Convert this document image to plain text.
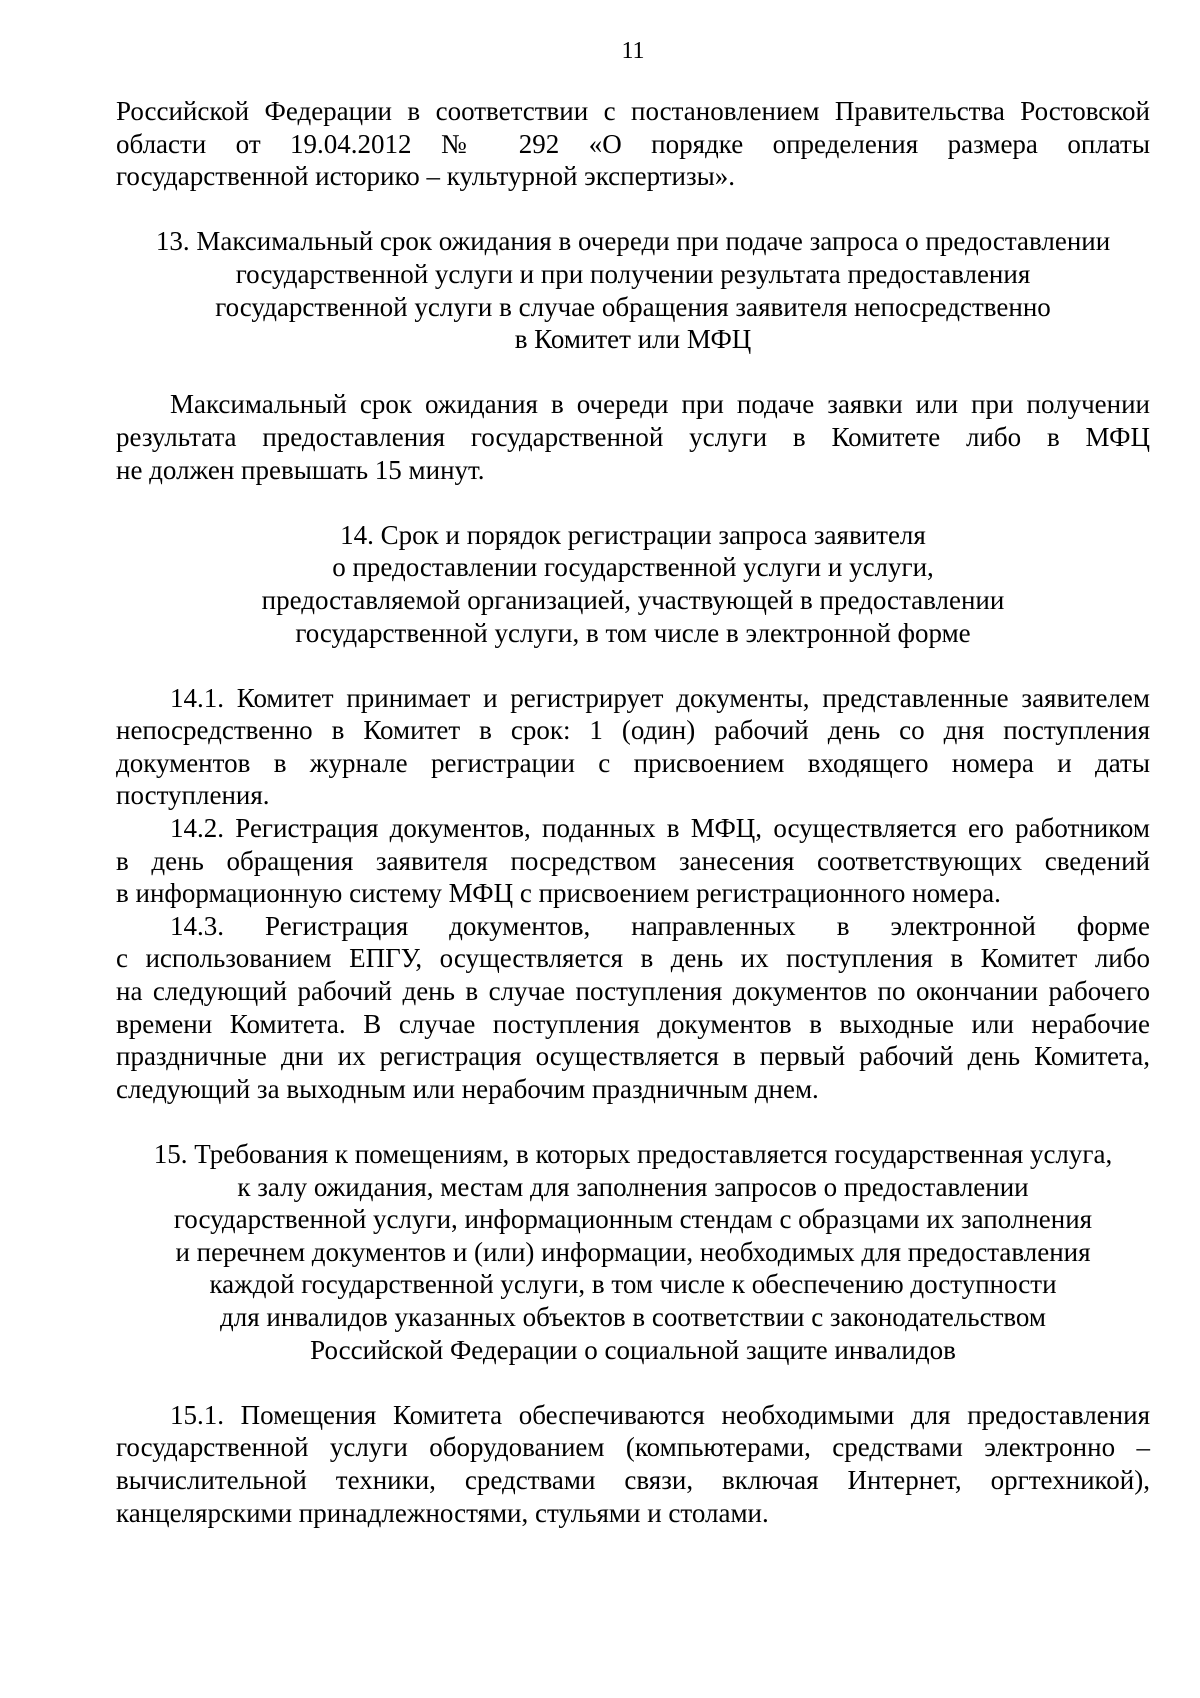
11
Российской Федерации в соответствии с постановлением Правительства Ростовской
области от 19.04.2012 № 292 «О порядке определения размера оплаты
государственной историко – культурной экспертизы».
13. Максимальный срок ожидания в очереди при подаче запроса о предоставлении
государственной услуги и при получении результата предоставления
государственной услуги в случае обращения заявителя непосредственно
в Комитет или МФЦ
Максимальный срок ожидания в очереди при подаче заявки или при получении
результата предоставления государственной услуги в Комитете либо в МФЦ
не должен превышать 15 минут.
14. Срок и порядок регистрации запроса заявителя
о предоставлении государственной услуги и услуги,
предоставляемой организацией, участвующей в предоставлении
государственной услуги, в том числе в электронной форме
14.1. Комитет принимает и регистрирует документы, представленные заявителем
непосредственно в Комитет в срок: 1 (один) рабочий день со дня поступления
документов в журнале регистрации с присвоением входящего номера и даты
поступления.
14.2. Регистрация документов, поданных в МФЦ, осуществляется его работником
в день обращения заявителя посредством занесения соответствующих сведений
в информационную систему МФЦ с присвоением регистрационного номера.
14.3. Регистрация документов, направленных в электронной форме
с использованием ЕПГУ, осуществляется в день их поступления в Комитет либо
на следующий рабочий день в случае поступления документов по окончании рабочего
времени Комитета. В случае поступления документов в выходные или нерабочие
праздничные дни их регистрация осуществляется в первый рабочий день Комитета,
следующий за выходным или нерабочим праздничным днем.
15. Требования к помещениям, в которых предоставляется государственная услуга,
к залу ожидания, местам для заполнения запросов о предоставлении
государственной услуги, информационным стендам с образцами их заполнения
и перечнем документов и (или) информации, необходимых для предоставления
каждой государственной услуги, в том числе к обеспечению доступности
для инвалидов указанных объектов в соответствии с законодательством
Российской Федерации о социальной защите инвалидов
15.1. Помещения Комитета обеспечиваются необходимыми для предоставления
государственной услуги оборудованием (компьютерами, средствами электронно –
вычислительной техники, средствами связи, включая Интернет, оргтехникой),
канцелярскими принадлежностями, стульями и столами.
